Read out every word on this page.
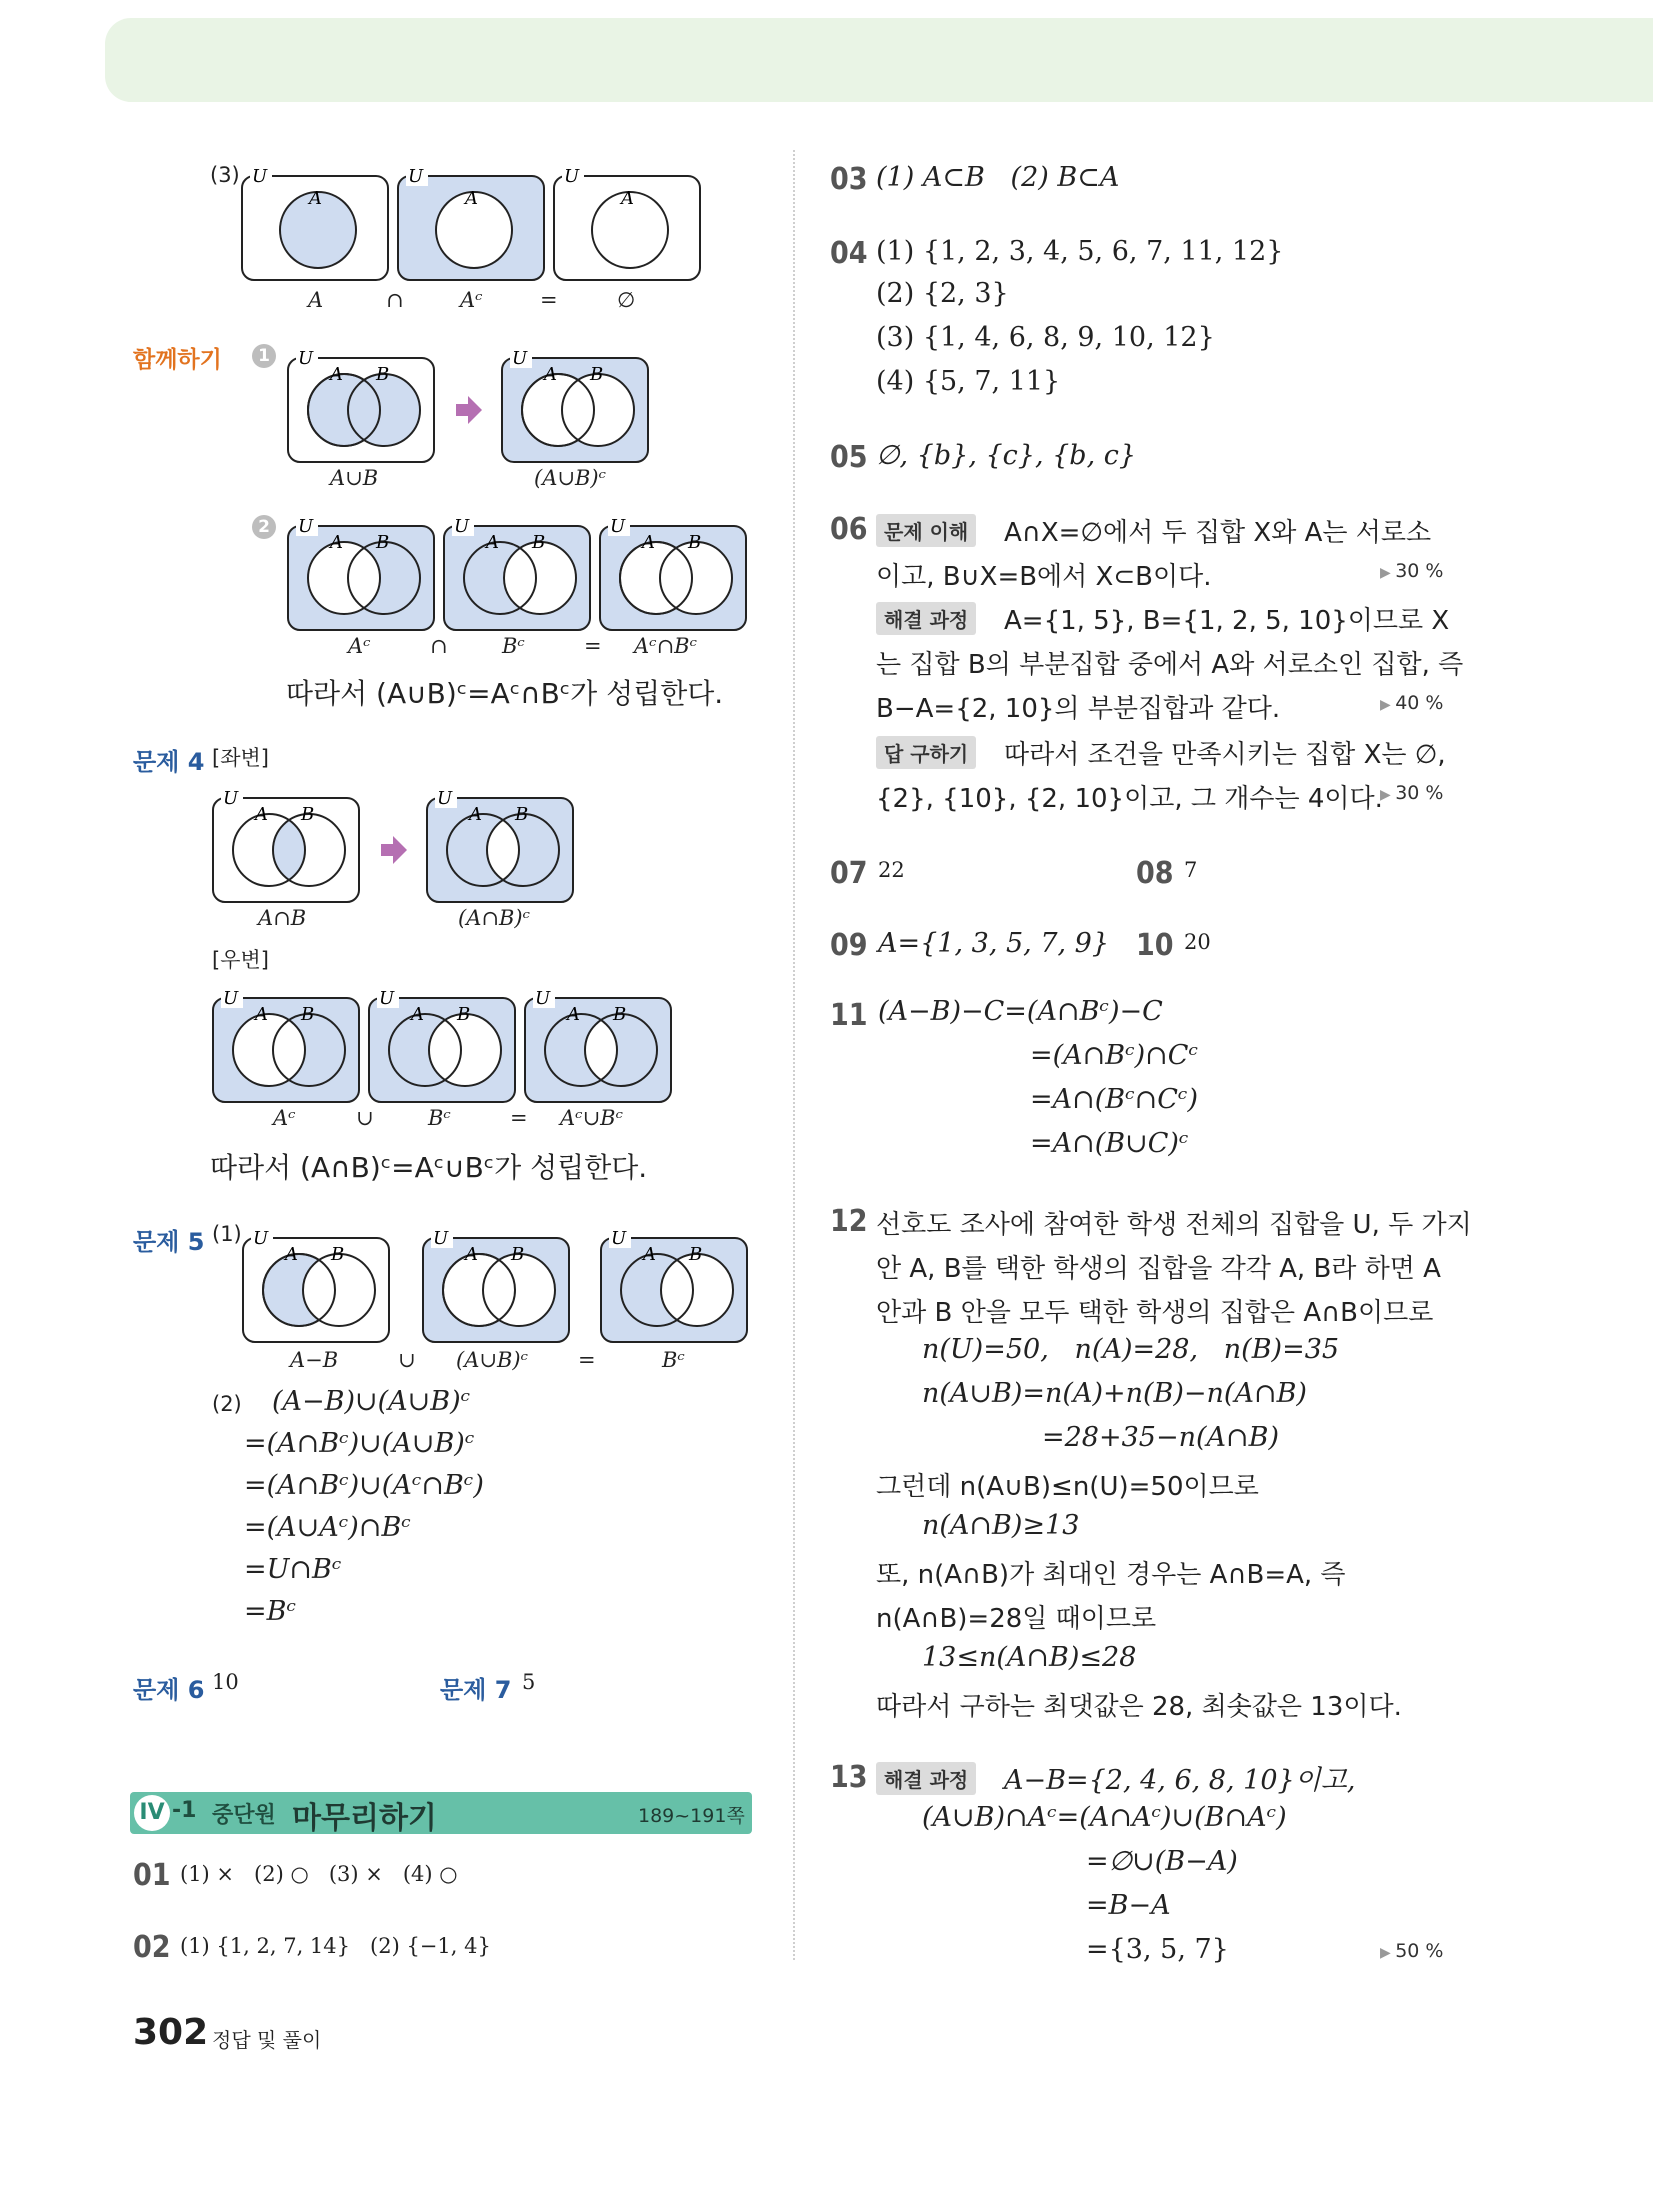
(3) U
A
U
A
U
A
A	∩	Aᶜ	=	∅
함께하기	1	U
A B
U
A B
A∪B	(A∪B)ᶜ
2	U
A B
U
A B
U
A B
Aᶜ	∩	Bᶜ	= Aᶜ∩Bᶜ
따라서 (A∪B)ᶜ=Aᶜ∩Bᶜ가 성립한다.
문제 4 [좌변]
U
A B
U
A B
A∩B	(A∩B)ᶜ
[우변]
U
A B
U
A B
U
A B
Aᶜ	∪	Bᶜ	= Aᶜ∪Bᶜ
따라서 (A∩B)ᶜ=Aᶜ∪Bᶜ가 성립한다.
문제 5 (1) U
A B
U
A B
U
A B
A−B	∪ (A∪B)ᶜ =	Bᶜ
(2) (A−B)∪(A∪B)ᶜ
=(A∩Bᶜ)∪(A∪B)ᶜ
=(A∩Bᶜ)∪(Aᶜ∩Bᶜ)
=(A∪Aᶜ)∩Bᶜ
=U∩Bᶜ
=Bᶜ
문제 6 10	문제 7 5
IV -1 중단원 마무리하기	189~191쪽
01 (1) ×   (2) ○   (3) ×   (4) ○
02 (1) {1, 2, 7, 14}   (2) {−1, 4}
302 정답 및 풀이
03 (1) A⊂B   (2) B⊂A
04 (1) {1, 2, 3, 4, 5, 6, 7, 11, 12}
(2) {2, 3}
(3) {1, 4, 6, 8, 9, 10, 12}
(4) {5, 7, 11}
05 ∅, {b}, {c}, {b, c}
06 문제 이해	A∩X=∅에서 두 집합 X와 A는 서로소
이고, B∪X=B에서 X⊂B이다.	▶ 30 %
해결 과정	A={1, 5}, B={1, 2, 5, 10}이므로 X
는 집합 B의 부분집합 중에서 A와 서로소인 집합, 즉
B−A={2, 10}의 부분집합과 같다.	▶ 40 %
답 구하기	따라서 조건을 만족시키는 집합 X는 ∅,
{2}, {10}, {2, 10}이고, 그 개수는 4이다. ▶ 30 %
07 22	08 7
09 A={1, 3, 5, 7, 9} 10 20
11 (A−B)−C=(A∩Bᶜ)−C
=(A∩Bᶜ)∩Cᶜ
=A∩(Bᶜ∩Cᶜ)
=A∩(B∪C)ᶜ
12 선호도 조사에 참여한 학생 전체의 집합을 U, 두 가지
안 A, B를 택한 학생의 집합을 각각 A, B라 하면 A
안과 B 안을 모두 택한 학생의 집합은 A∩B이므로
n(U)=50,   n(A)=28,   n(B)=35
n(A∪B)=n(A)+n(B)−n(A∩B)
=28+35−n(A∩B)
그런데 n(A∪B)≤n(U)=50이므로
n(A∩B)≥13
또, n(A∩B)가 최대인 경우는 A∩B=A, 즉
n(A∩B)=28일 때이므로
13≤n(A∩B)≤28
따라서 구하는 최댓값은 28, 최솟값은 13이다.
13 해결 과정 A−B={2, 4, 6, 8, 10}이고,
(A∪B)∩Aᶜ=(A∩Aᶜ)∪(B∩Aᶜ)
=∅∪(B−A)
=B−A
={3, 5, 7}	▶ 50 %
